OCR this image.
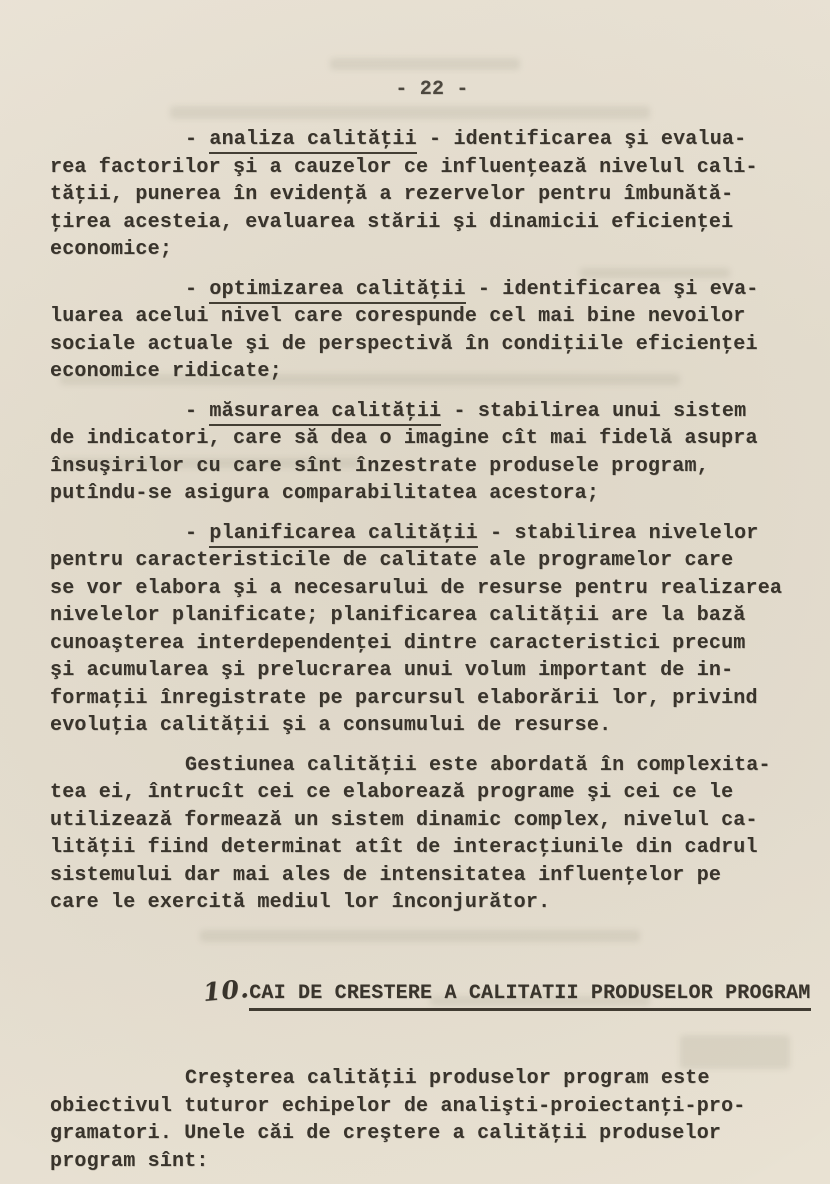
- 22 -
- analiza calităţii - identificarea şi evalua-
rea factorilor şi a cauzelor ce influenţează nivelul cali-
tăţii, punerea în evidenţă a rezervelor pentru îmbunătă-
ţirea acesteia, evaluarea stării şi dinamicii eficienţei
economice;
- optimizarea calităţii - identificarea şi eva-
luarea acelui nivel care corespunde cel mai bine nevoilor
sociale actuale şi de perspectivă în condiţiile eficienţei
economice ridicate;
- măsurarea calităţii - stabilirea unui sistem
de indicatori, care să dea o imagine cît mai fidelă asupra
însuşirilor cu care sînt înzestrate produsele program,
putîndu-se asigura comparabilitatea acestora;
- planificarea calităţii - stabilirea nivelelor
pentru caracteristicile de calitate ale programelor care
se vor elabora şi a necesarului de resurse pentru realizarea
nivelelor planificate; planificarea calităţii are la bază
cunoaşterea interdependenţei dintre caracteristici precum
şi acumularea şi prelucrarea unui volum important de in-
formaţii înregistrate pe parcursul elaborării lor, privind
evoluţia calităţii şi a consumului de resurse.
Gestiunea calităţii este abordată în complexita-
tea ei, întrucît cei ce elaborează programe şi cei ce le
utilizează formează un sistem dinamic complex, nivelul ca-
lităţii fiind determinat atît de interacţiunile din cadrul
sistemului dar mai ales de intensitatea influenţelor pe
care le exercită mediul lor înconjurător.

10.CAI DE CRESTERE A CALITATII PRODUSELOR PROGRAM

Creşterea calităţii produselor program este
obiectivul tuturor echipelor de analişti-proiectanţi-pro-
gramatori. Unele căi de creştere a calităţii produselor
program sînt:
